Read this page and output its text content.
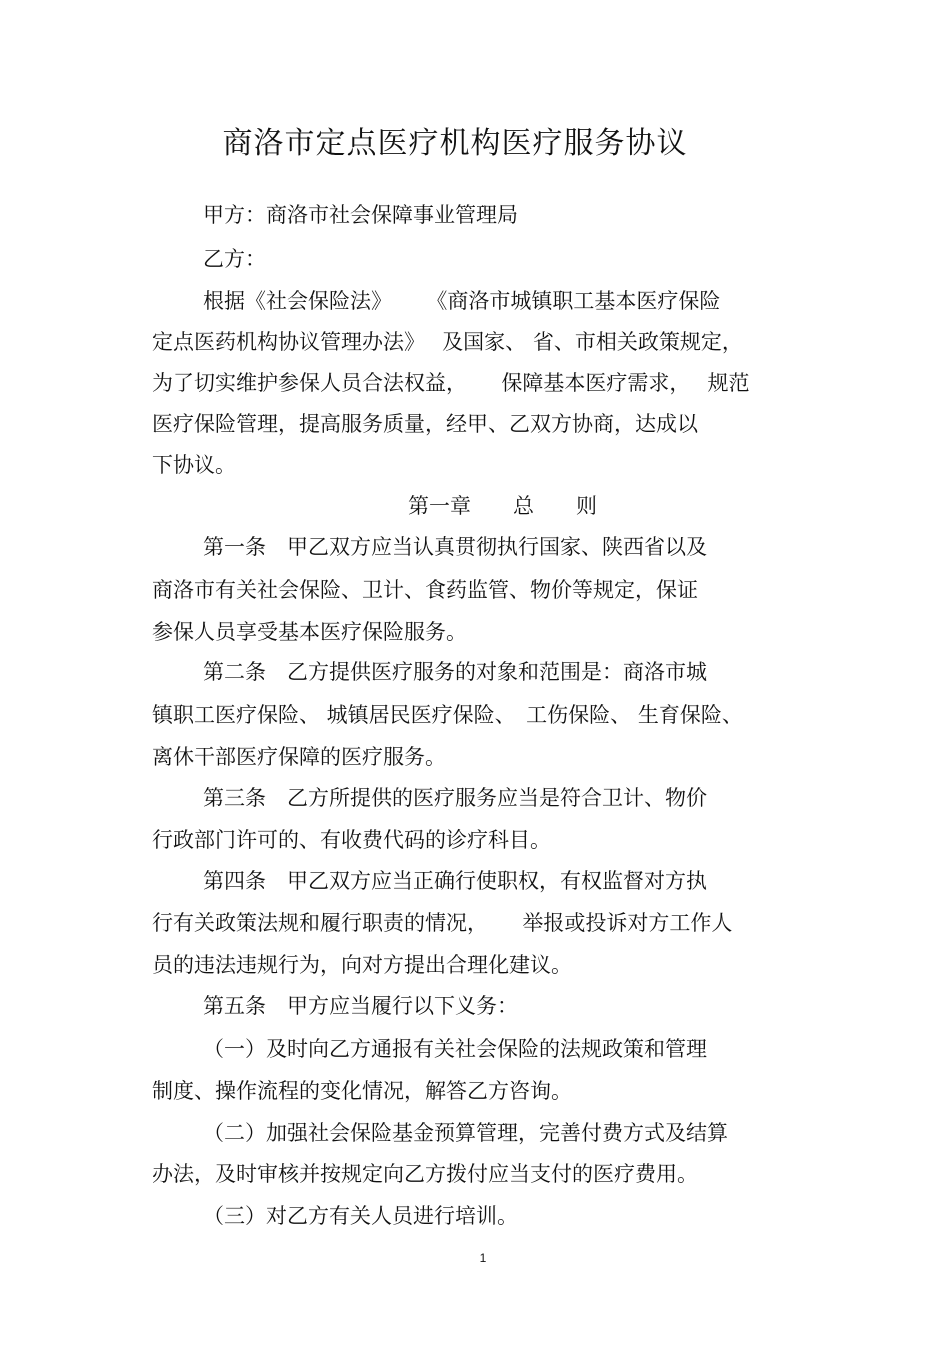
商洛市定点医疗机构医疗服务协议
甲方：商洛市社会保障事业管理局
乙方：
根据《社会保险法》 　 《商洛市城镇职工基本医疗保险
定点医药机构协议管理办法》　 及国家、 省、市相关政策规定，
为了切实维护参保人员合法权益， 　 保障基本医疗需求，　 规范
医疗保险管理，提高服务质量，经甲、乙双方协商，达成以
下协议。
第一章　　总　　则
第一条　甲乙双方应当认真贯彻执行国家、陕西省以及
商洛市有关社会保险、卫计、食药监管、物价等规定，保证
参保人员享受基本医疗保险服务。
第二条　乙方提供医疗服务的对象和范围是：商洛市城
镇职工医疗保险、 城镇居民医疗保险、　工伤保险、 生育保险、
离休干部医疗保障的医疗服务。
第三条　乙方所提供的医疗服务应当是符合卫计、物价
行政部门许可的、有收费代码的诊疗科目。
第四条　甲乙双方应当正确行使职权，有权监督对方执
行有关政策法规和履行职责的情况， 　 举报或投诉对方工作人
员的违法违规行为，向对方提出合理化建议。
第五条　甲方应当履行以下义务：
（一）及时向乙方通报有关社会保险的法规政策和管理
制度、操作流程的变化情况，解答乙方咨询。
（二）加强社会保险基金预算管理，完善付费方式及结算
办法，及时审核并按规定向乙方拨付应当支付的医疗费用。
（三）对乙方有关人员进行培训。
1
